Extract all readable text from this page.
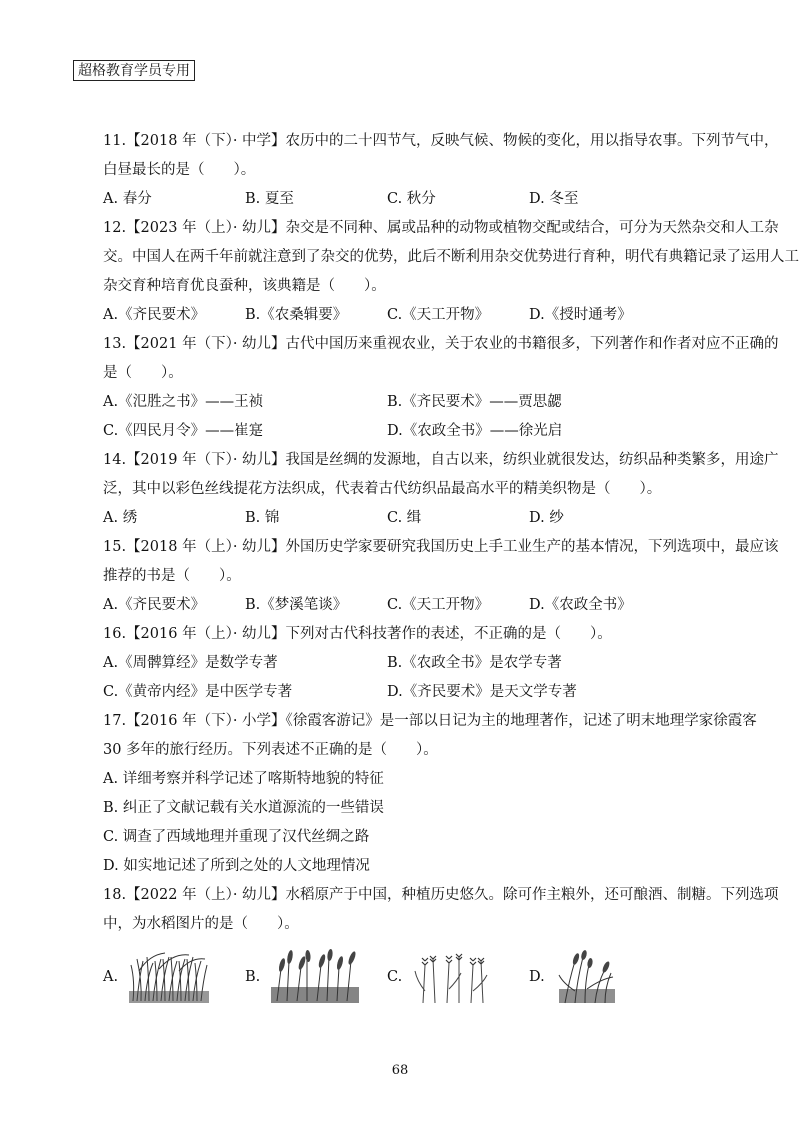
超格教育学员专用
11.【2018 年（下）· 中学】农历中的二十四节气，反映气候、物候的变化，用以指导农事。下列节气中，
白昼最长的是（　　）。
A. 春分	B. 夏至	C. 秋分	D. 冬至
12.【2023 年（上）· 幼儿】杂交是不同种、属或品种的动物或植物交配或结合，可分为天然杂交和人工杂
交。中国人在两千年前就注意到了杂交的优势，此后不断利用杂交优势进行育种，明代有典籍记录了运用人工
杂交育种培育优良蚕种，该典籍是（　　）。
A.《齐民要术》	B.《农桑辑要》	C.《天工开物》	D.《授时通考》
13.【2021 年（下）· 幼儿】古代中国历来重视农业，关于农业的书籍很多，下列著作和作者对应不正确的
是（　　）。
A.《氾胜之书》——王祯	B.《齐民要术》——贾思勰
C.《四民月令》——崔寔	D.《农政全书》——徐光启
14.【2019 年（下）· 幼儿】我国是丝绸的发源地，自古以来，纺织业就很发达，纺织品种类繁多，用途广
泛，其中以彩色丝线提花方法织成，代表着古代纺织品最高水平的精美织物是（　　）。
A. 绣	B. 锦	C. 缉	D. 纱
15.【2018 年（上）· 幼儿】外国历史学家要研究我国历史上手工业生产的基本情况，下列选项中，最应该
推荐的书是（　　）。
A.《齐民要术》	B.《梦溪笔谈》	C.《天工开物》	D.《农政全书》
16.【2016 年（上）· 幼儿】下列对古代科技著作的表述，不正确的是（　　）。
A.《周髀算经》是数学专著	B.《农政全书》是农学专著
C.《黄帝内经》是中医学专著	D.《齐民要术》是天文学专著
17.【2016 年（下）· 小学】《徐霞客游记》是一部以日记为主的地理著作，记述了明末地理学家徐霞客
30 多年的旅行经历。下列表述不正确的是（　　）。
A. 详细考察并科学记述了喀斯特地貌的特征
B. 纠正了文献记载有关水道源流的一些错误
C. 调查了西域地理并重现了汉代丝绸之路
D. 如实地记述了所到之处的人文地理情况
18.【2022 年（上）· 幼儿】水稻原产于中国，种植历史悠久。除可作主粮外，还可酿酒、制糖。下列选项
中，为水稻图片的是（　　）。
A.	B.	C.	D.
68
